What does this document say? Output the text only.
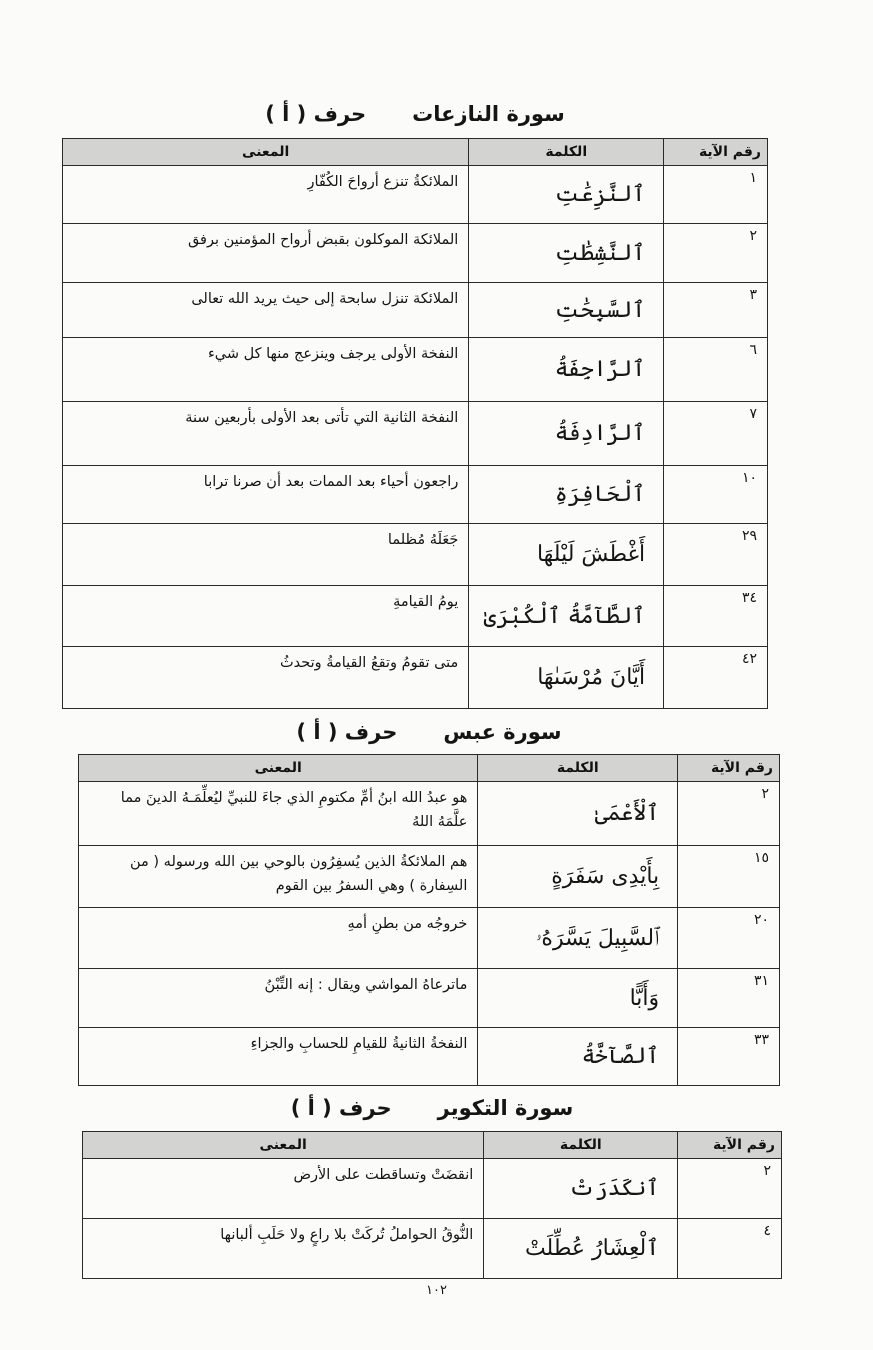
سورة النازعاتحرف ( أ )
رقم الآية	الكلمة	المعنى
١	ٱلنَّزِعَٰتِ	الملائكةُ تنزع أرواحَ الكُفّارِ
٢	ٱلنَّشِطَٰتِ	الملائكة الموكلون بقبض أرواح المؤمنين برفق
٣	ٱلسَّبِحَٰتِ	الملائكة تنزل سابحة إلى حيث يريد الله تعالى
٦	ٱلرَّاجِفَةُ	النفخة الأولى يرجف وينزعج منها كل شيء
٧	ٱلرَّادِفَةُ	النفخة الثانية التي تأتى بعد الأولى بأربعين سنة
١٠	ٱلْحَافِرَةِ	راجعون أحياء بعد الممات بعد أن صرنا ترابا
٢٩	أَغْطَشَ لَيْلَهَا	جَعَلَهُ مُظلما
٣٤	ٱلطَّآمَّةُ ٱلْكُبْرَىٰ	يومُ القيامةِ
٤٢	أَيَّانَ مُرْسَىٰهَا	متى تقومُ وتقعُ القيامةُ وتحدثُ
سورة عبسحرف ( أ )
رقم الآية	الكلمة	المعنى
٢	ٱلْأَعْمَىٰ	هو عبدُ الله ابنُ أمِّ مكتومِ الذي جاءَ للنبيِّ ليُعلِّمَـهُ الدينَ مما علَّمَهُ اللهُ
١٥	بِأَيْدِى سَفَرَةٍ	هم الملائكةُ الذين يُسفِرُون بالوحي بين الله ورسوله ( من السِفارة ) وهي السفرُ بين القوم
٢٠	ٱلسَّبِيلَ يَسَّرَهُۥ	خروجُه من بطنِ أمهِ
٣١	وَأَبًّا	ماترعاهُ المواشي ويقال : إنه التِّبْنُ
٣٣	ٱلصَّآخَّةُ	النفخةُ الثانيةُ للقيامِ للحسابِ والجزاءِ
سورة التكويرحرف ( أ )
رقم الآية	الكلمة	المعنى
٢	ٱنكَدَرَتْ	انقضَتْ وتساقطت على الأرض
٤	ٱلْعِشَارُ عُطِّلَتْ	النُّوقُ الحواملُ تُركَتْ بلا راعٍ ولا حَلَبِ ألبانها
١٠٢
